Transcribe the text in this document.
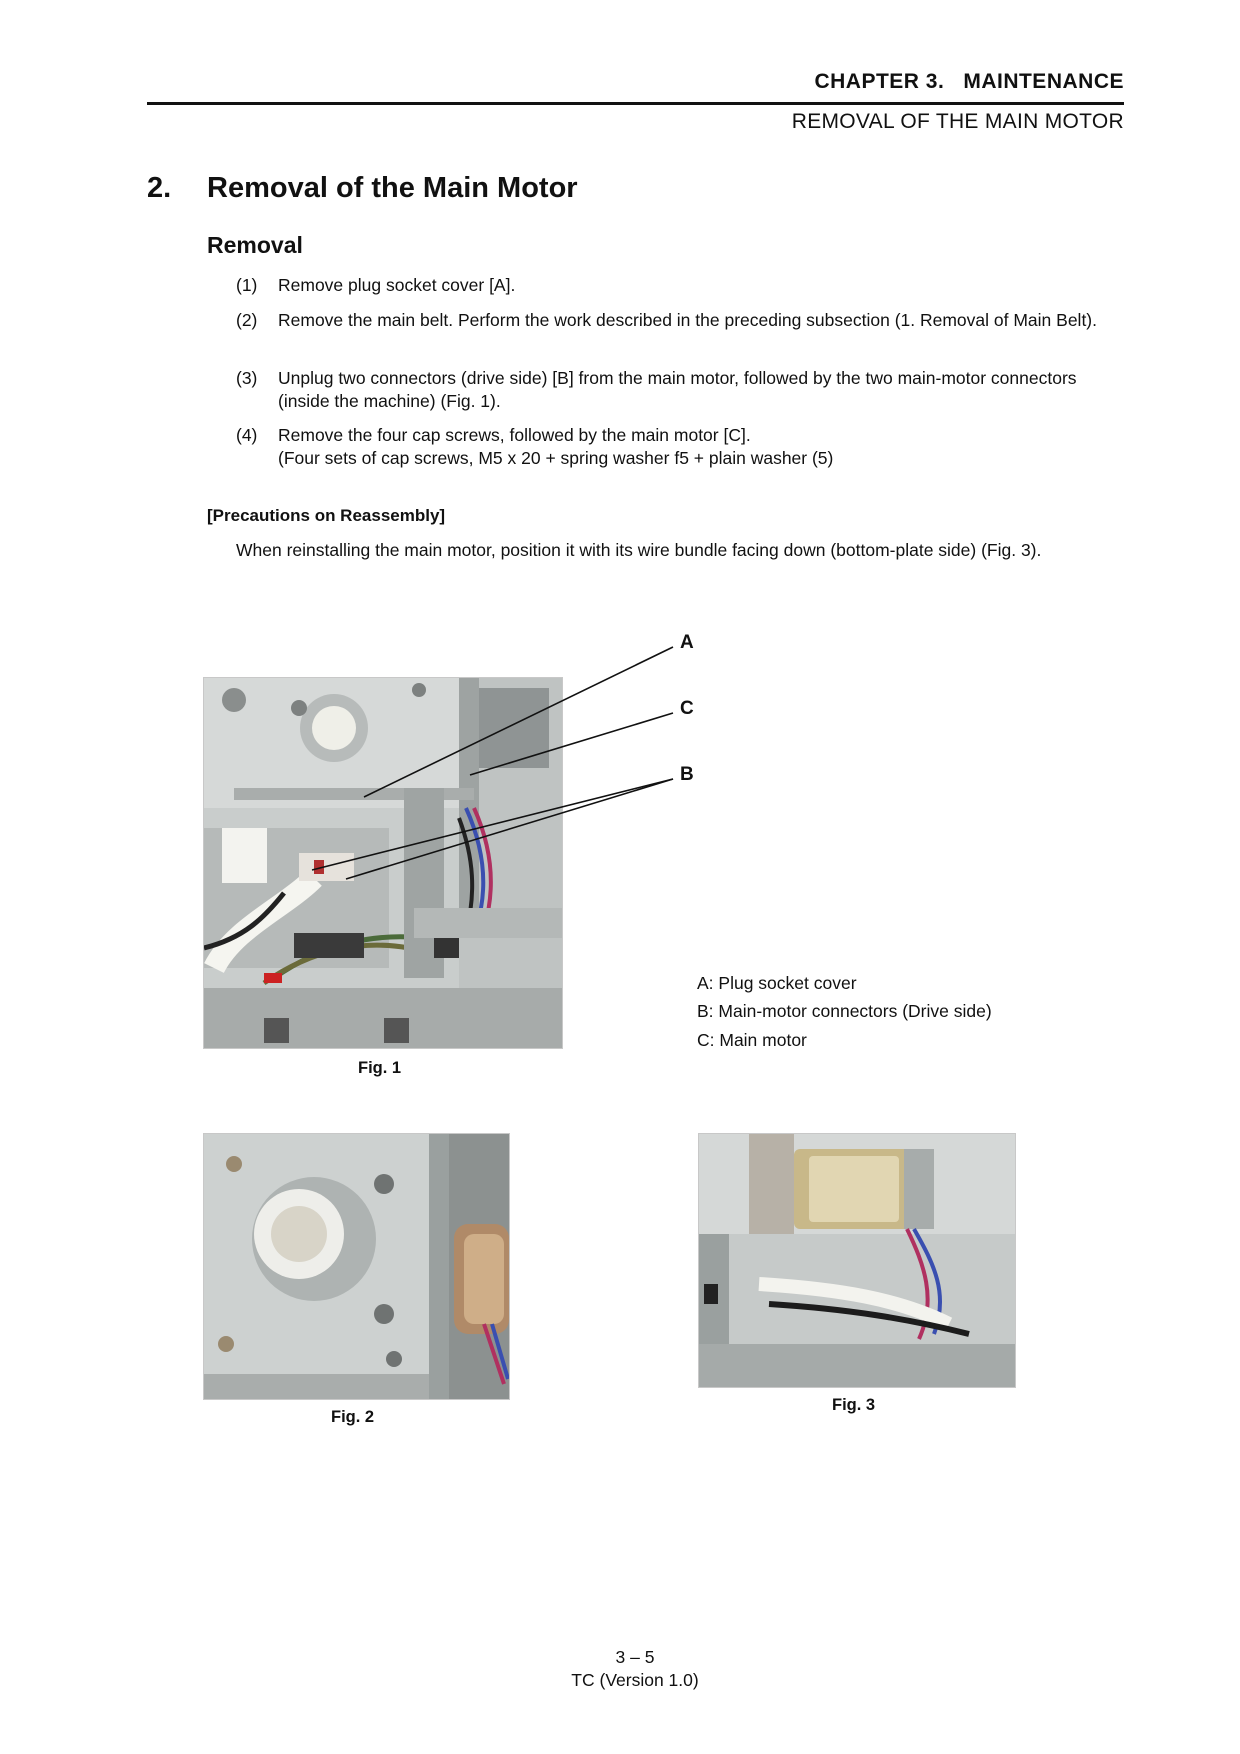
CHAPTER 3.   MAINTENANCE
REMOVAL OF THE MAIN MOTOR
2. Removal of the Main Motor
Removal
(1) Remove plug socket cover [A].
(2) Remove the main belt. Perform the work described in the preceding subsection (1. Removal of Main Belt).
(3) Unplug two connectors (drive side) [B] from the main motor, followed by the two main-motor connectors (inside the machine) (Fig. 1).
(4) Remove the four cap screws, followed by the main motor [C].
(Four sets of cap screws, M5 x 20 + spring washer f5 + plain washer (5)
[Precautions on Reassembly]
When reinstalling the main motor, position it with its wire bundle facing down (bottom-plate side) (Fig. 3).
A
C
B
A: Plug socket cover
B: Main-motor connectors (Drive side)
C: Main motor
Fig. 1
Fig. 2
Fig. 3
3 – 5
TC (Version 1.0)
